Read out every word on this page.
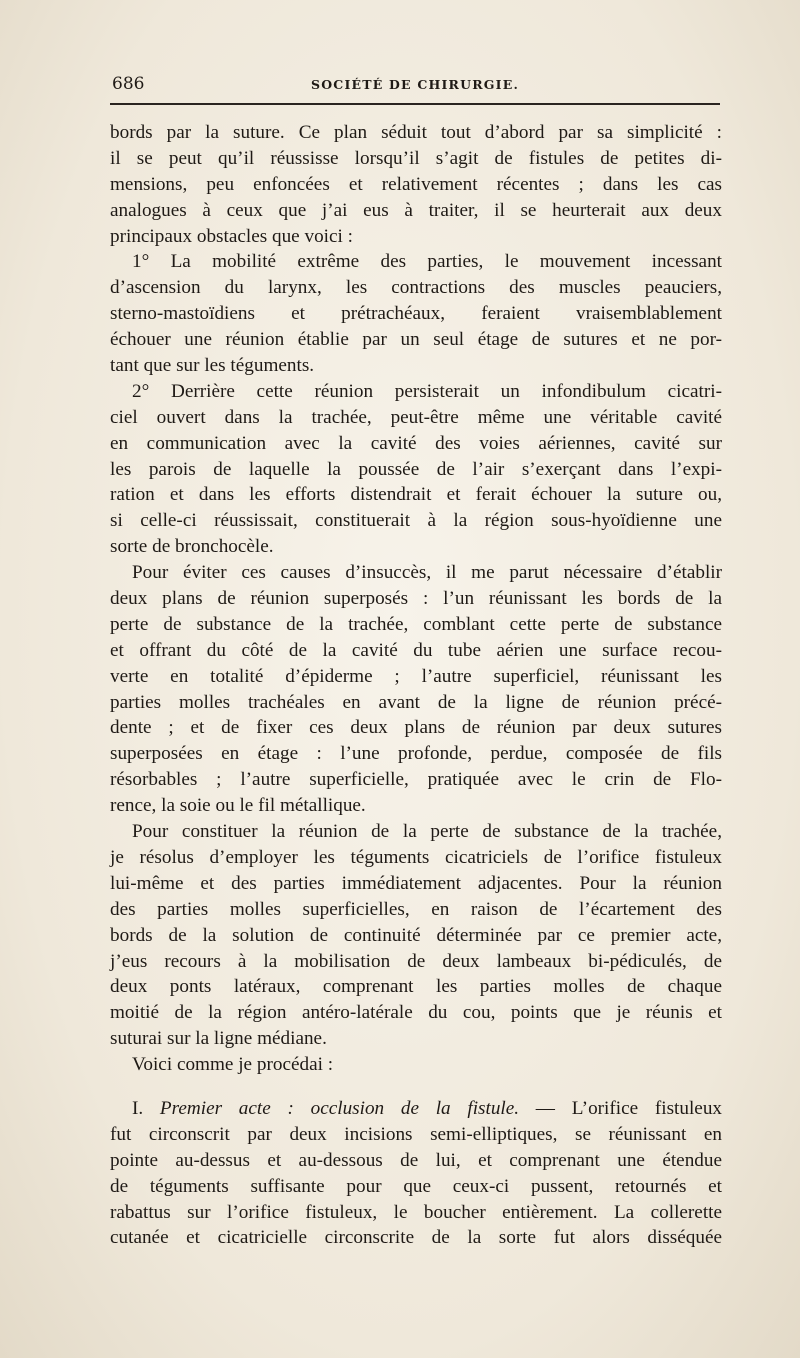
686	SOCIÉTÉ DE CHIRURGIE.
bords par la suture. Ce plan séduit tout d’abord par sa simplicité :
il se peut qu’il réussisse lorsqu’il s’agit de fistules de petites di-
mensions, peu enfoncées et relativement récentes ; dans les cas
analogues à ceux que j’ai eus à traiter, il se heurterait aux deux
principaux obstacles que voici :
1° La mobilité extrême des parties, le mouvement incessant
d’ascension du larynx, les contractions des muscles peauciers,
sterno-mastoïdiens et prétrachéaux, feraient vraisemblablement
échouer une réunion établie par un seul étage de sutures et ne por-
tant que sur les téguments.
2° Derrière cette réunion persisterait un infondibulum cicatri-
ciel ouvert dans la trachée, peut-être même une véritable cavité
en communication avec la cavité des voies aériennes, cavité sur
les parois de laquelle la poussée de l’air s’exerçant dans l’expi-
ration et dans les efforts distendrait et ferait échouer la suture ou,
si celle-ci réussissait, constituerait à la région sous-hyoïdienne une
sorte de bronchocèle.
Pour éviter ces causes d’insuccès, il me parut nécessaire d’établir
deux plans de réunion superposés : l’un réunissant les bords de la
perte de substance de la trachée, comblant cette perte de substance
et offrant du côté de la cavité du tube aérien une surface recou-
verte en totalité d’épiderme ; l’autre superficiel, réunissant les
parties molles trachéales en avant de la ligne de réunion précé-
dente ; et de fixer ces deux plans de réunion par deux sutures
superposées en étage : l’une profonde, perdue, composée de fils
résorbables ; l’autre superficielle, pratiquée avec le crin de Flo-
rence, la soie ou le fil métallique.
Pour constituer la réunion de la perte de substance de la trachée,
je résolus d’employer les téguments cicatriciels de l’orifice fistuleux
lui-même et des parties immédiatement adjacentes. Pour la réunion
des parties molles superficielles, en raison de l’écartement des
bords de la solution de continuité déterminée par ce premier acte,
j’eus recours à la mobilisation de deux lambeaux bi-pédiculés, de
deux ponts latéraux, comprenant les parties molles de chaque
moitié de la région antéro-latérale du cou, points que je réunis et
suturai sur la ligne médiane.
Voici comme je procédai :
I. Premier acte : occlusion de la fistule. — L’orifice fistuleux
fut circonscrit par deux incisions semi-elliptiques, se réunissant en
pointe au-dessus et au-dessous de lui, et comprenant une étendue
de téguments suffisante pour que ceux-ci pussent, retournés et
rabattus sur l’orifice fistuleux, le boucher entièrement. La collerette
cutanée et cicatricielle circonscrite de la sorte fut alors disséquée
